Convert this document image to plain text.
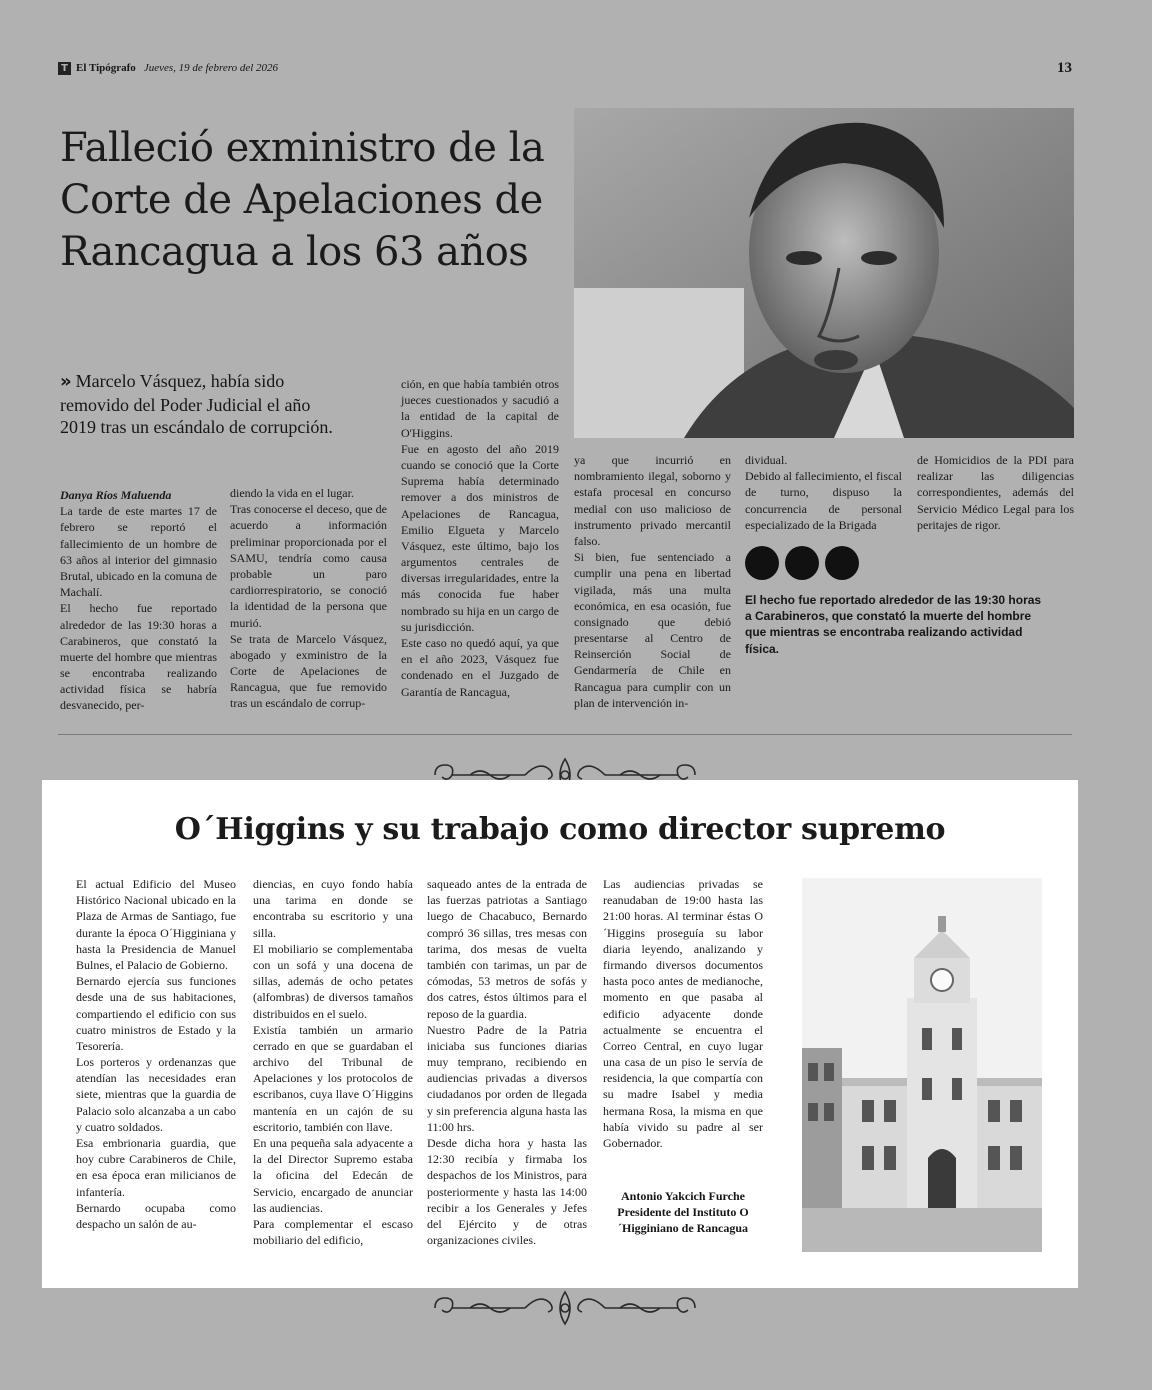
T El Tipógrafo Jueves, 19 de febrero del 2026	13
Falleció exministro de la Corte de Apelaciones de Rancagua a los 63 años
» Marcelo Vásquez, había sido removido del Poder Judicial el año 2019 tras un escándalo de corrupción.

Danya Ríos Maluenda

La tarde de este martes 17 de febrero se reportó el fallecimiento de un hombre de 63 años al interior del gimnasio Brutal, ubicado en la comuna de Machalí.

El hecho fue reportado alrededor de las 19:30 horas a Carabineros, que constató la muerte del hombre que mientras se encontraba realizando actividad física se habría desvanecido, per-

diendo la vida en el lugar.

Tras conocerse el deceso, que de acuerdo a información preliminar proporcionada por el SAMU, tendría como causa probable un paro cardiorrespiratorio, se conoció la identidad de la persona que murió.

Se trata de Marcelo Vásquez, abogado y exministro de la Corte de Apelaciones de Rancagua, que fue removido tras un escándalo de corrup-

ción, en que había también otros jueces cuestionados y sacudió a la entidad de la capital de O'Higgins.

Fue en agosto del año 2019 cuando se conoció que la Corte Suprema había determinado remover a dos ministros de Apelaciones de Rancagua, Emilio Elgueta y Marcelo Vásquez, este último, bajo los argumentos centrales de diversas irregularidades, entre la más conocida fue haber nombrado su hija en un cargo de su jurisdicción.

Este caso no quedó aquí, ya que en el año 2023, Vásquez fue condenado en el Juzgado de Garantía de Rancagua,

ya que incurrió en nombramiento ilegal, soborno y estafa procesal en concurso medial con uso malicioso de instrumento privado mercantil falso.

Si bien, fue sentenciado a cumplir una pena en libertad vigilada, más una multa económica, en esa ocasión, fue consignado que debió presentarse al Centro de Reinserción Social de Gendarmería de Chile en Rancagua para cumplir con un plan de intervención in-

dividual.

Debido al fallecimiento, el fiscal de turno, dispuso la concurrencia de personal especializado de la Brigada

de Homicidios de la PDI para realizar las diligencias correspondientes, además del Servicio Médico Legal para los peritajes de rigor.

El hecho fue reportado alrededor de las 19:30 horas a Carabineros, que constató la muerte del hombre que mientras se encontraba realizando actividad física.
O´Higgins y su trabajo como director supremo

El actual Edificio del Museo Histórico Nacional ubicado en la Plaza de Armas de Santiago, fue durante la época O´Higginiana y hasta la Presidencia de Manuel Bulnes, el Palacio de Gobierno.

Bernardo ejercía sus funciones desde una de sus habitaciones, compartiendo el edificio con sus cuatro ministros de Estado y la Tesorería.

Los porteros y ordenanzas que atendían las necesidades eran siete, mientras que la guardia de Palacio solo alcanzaba a un cabo y cuatro soldados.

Esa embrionaria guardia, que hoy cubre Carabineros de Chile, en esa época eran milicianos de infantería.

Bernardo ocupaba como despacho un salón de au-

diencias, en cuyo fondo había una tarima en donde se encontraba su escritorio y una silla.

El mobiliario se complementaba con un sofá y una docena de sillas, además de ocho petates (alfombras) de diversos tamaños distribuidos en el suelo.

Existía también un armario cerrado en que se guardaban el archivo del Tribunal de Apelaciones y los protocolos de escribanos, cuya llave O´Higgins mantenía en un cajón de su escritorio, también con llave.

En una pequeña sala adyacente a la del Director Supremo estaba la oficina del Edecán de Servicio, encargado de anunciar las audiencias.

Para complementar el escaso mobiliario del edificio,

saqueado antes de la entrada de las fuerzas patriotas a Santiago luego de Chacabuco, Bernardo compró 36 sillas, tres mesas con tarima, dos mesas de vuelta también con tarimas, un par de cómodas, 53 metros de sofás y dos catres, éstos últimos para el reposo de la guardia.

Nuestro Padre de la Patria iniciaba sus funciones diarias muy temprano, recibiendo en audiencias privadas a diversos ciudadanos por orden de llegada y sin preferencia alguna hasta las 11:00 hrs.

Desde dicha hora y hasta las 12:30 recibía y firmaba los despachos de los Ministros, para posteriormente y hasta las 14:00 recibir a los Generales y Jefes del Ejército y de otras organizaciones civiles.

Las audiencias privadas se reanudaban de 19:00 hasta las 21:00 horas. Al terminar éstas O´Higgins proseguía su labor diaria leyendo, analizando y firmando diversos documentos hasta poco antes de medianoche, momento en que pasaba al edificio adyacente donde actualmente se encuentra el Correo Central, en cuyo lugar una casa de un piso le servía de residencia, la que compartía con su madre Isabel y media hermana Rosa, la misma en que había vivido su padre al ser Gobernador.

Antonio Yakcich Furche
Presidente del Instituto O´Higginiano de Rancagua
